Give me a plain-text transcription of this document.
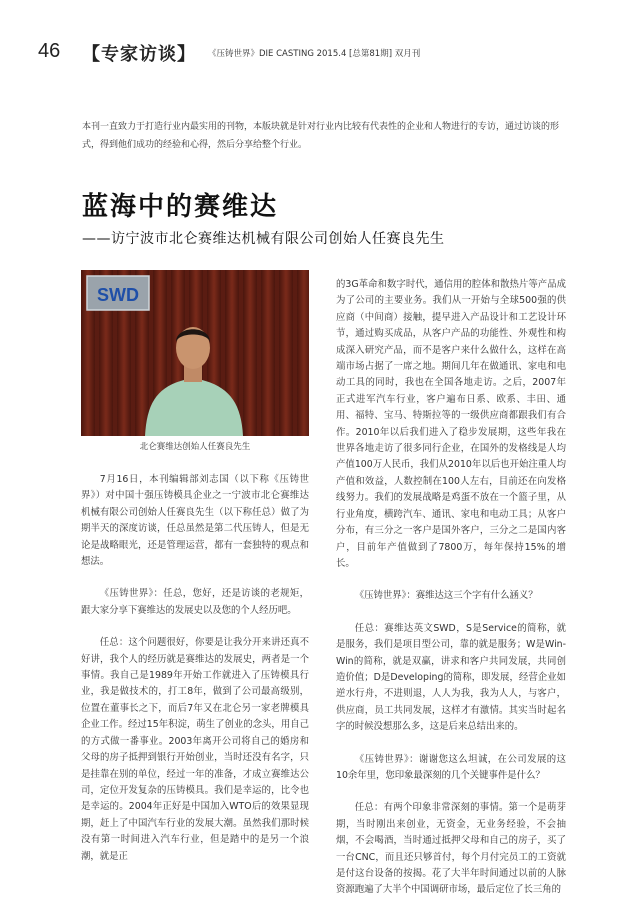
46 【专家访谈】 《压铸世界》DIE CASTING 2015.4 [总第81期] 双月刊
本刊一直致力于打造行业内最实用的刊物，本版块就是针对行业内比较有代表性的企业和人物进行的专访，通过访谈的形式，得到他们成功的经验和心得，然后分享给整个行业。
蓝海中的赛维达
——访宁波市北仑赛维达机械有限公司创始人任赛良先生
SWD
北仑赛维达创始人任赛良先生

7月16日，本刊编辑部刘志国（以下称《压铸世界》）对中国十强压铸模具企业之一宁波市北仑赛维达机械有限公司创始人任赛良先生（以下称任总）做了为期半天的深度访谈，任总虽然是第二代压铸人，但是无论是战略眼光，还是管理运营，都有一套独特的观点和想法。

《压铸世界》：任总，您好，还是访谈的老规矩，跟大家分享下赛维达的发展史以及您的个人经历吧。

任总：这个问题很好，你要是让我分开来讲还真不好讲，我个人的经历就是赛维达的发展史，两者是一个事情。我自己是1989年开始工作就进入了压铸模具行业，我是做技术的，打工8年，做到了公司最高级别，位置在董事长之下，而后7年又在北仑另一家老牌模具企业工作。经过15年积淀，萌生了创业的念头，用自己的方式做一番事业。2003年离开公司将自己的婚房和父母的房子抵押到银行开始创业，当时还没有名字，只是挂靠在别的单位，经过一年的准备，才成立赛维达公司，定位开发复杂的压铸模具。我们是幸运的，比令也是幸运的。2004年正好是中国加入WTO后的效果显现期，赶上了中国汽车行业的发展大潮。虽然我们那时候没有第一时间进入汽车行业，但是踏中的是另一个浪潮，就是正

的3G革命和数字时代，通信用的腔体和散热片等产品成为了公司的主要业务。我们从一开始与全球500强的供应商（中间商）接触，提早进入产品设计和工艺设计环节，通过购买成品，从客户产品的功能性、外观性和构成深入研究产品，而不是客户来什么做什么，这样在高端市场占据了一席之地。期间几年在做通讯、家电和电动工具的同时，我也在全国各地走访。之后，2007年正式进军汽车行业，客户遍布日系、欧系、丰田、通用、福特、宝马、特斯拉等的一级供应商都跟我们有合作。2010年以后我们进入了稳步发展期，这些年我在世界各地走访了很多同行企业，在国外的发格线是人均产值100万人民币，我们从2010年以后也开始注重人均产值和效益，人数控制在100人左右，目前还在向发格线努力。我们的发展战略是鸡蛋不放在一个篮子里，从行业角度，横跨汽车、通讯、家电和电动工具；从客户分布，有三分之一客户是国外客户，三分之二是国内客户，目前年产值做到了7800万，每年保持15%的增长。

《压铸世界》：赛维达这三个字有什么涵义？

任总：赛维达英文SWD，S是Service的简称，就是服务，我们是项目型公司，靠的就是服务；W是Win-Win的简称，就是双赢，讲求和客户共同发展，共同创造价值；D是Developing的简称，即发展，经营企业如逆水行舟，不进则退，人人为我，我为人人，与客户，供应商，员工共同发展，这样才有激情。其实当时起名字的时候没想那么多，这是后来总结出来的。

《压铸世界》：谢谢您这么坦诚，在公司发展的这10余年里，您印象最深刻的几个关键事件是什么？

任总：有两个印象非常深刻的事情。第一个是萌芽期，当时刚出来创业，无资金，无业务经验，不会抽烟，不会喝酒，当时通过抵押父母和自己的房子，买了一台CNC，而且还只够首付，每个月付完员工的工资就是付这台设备的按揭。花了大半年时间通过以前的人脉资源跑遍了大半个中国调研市场，最后定位了长三角的
